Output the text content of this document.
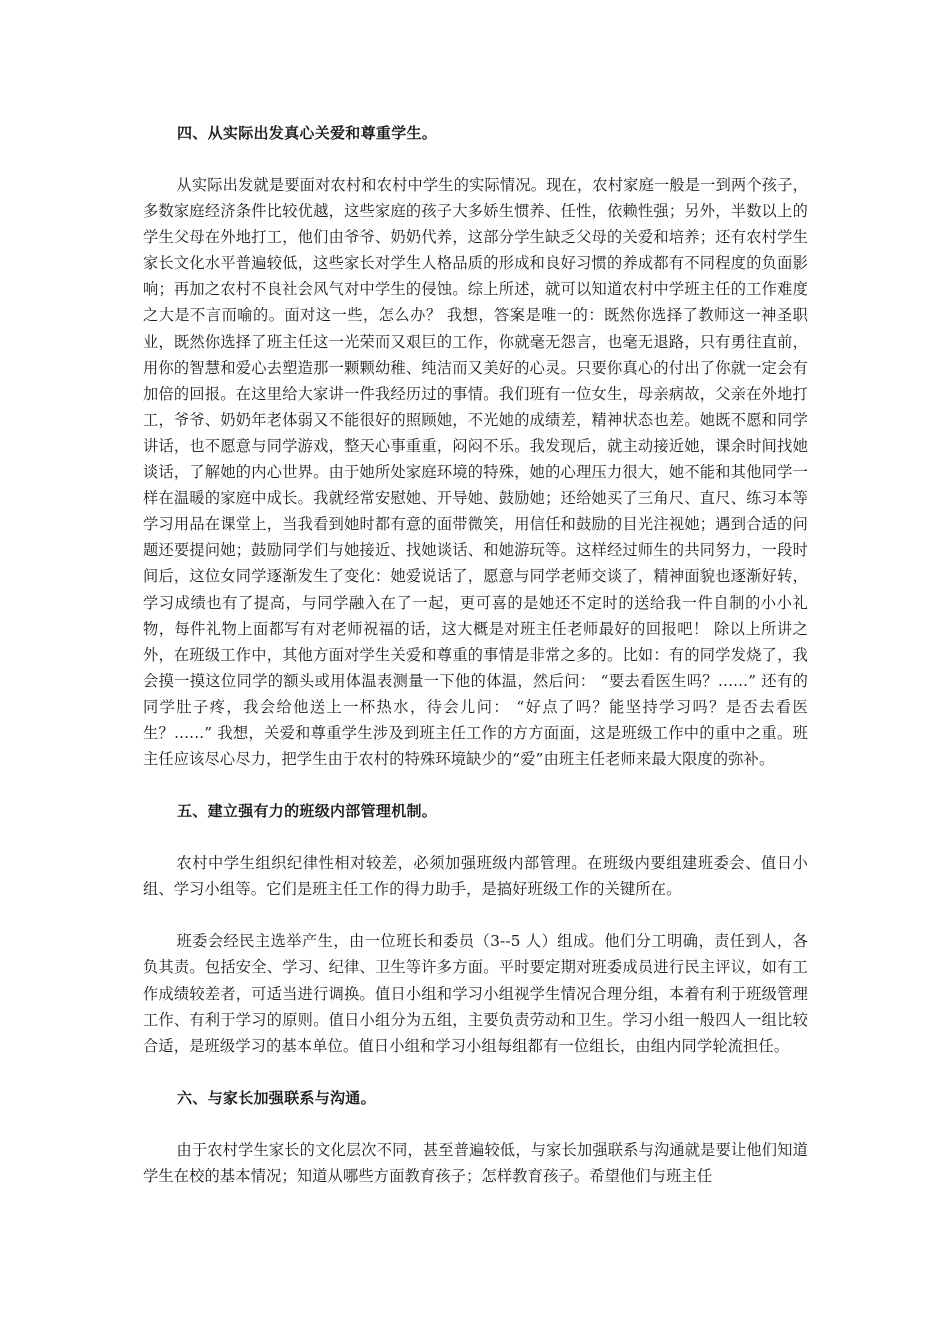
四、从实际出发真心关爱和尊重学生。

从实际出发就是要面对农村和农村中学生的实际情况。现在，农村家庭一般是一到两个孩子，多数家庭经济条件比较优越，这些家庭的孩子大多娇生惯养、任性，依赖性强；另外，半数以上的学生父母在外地打工，他们由爷爷、奶奶代养，这部分学生缺乏父母的关爱和培养；还有农村学生家长文化水平普遍较低，这些家长对学生人格品质的形成和良好习惯的养成都有不同程度的负面影响；再加之农村不良社会风气对中学生的侵蚀。综上所述，就可以知道农村中学班主任的工作难度之大是不言而喻的。面对这一些，怎么办？ 我想，答案是唯一的：既然你选择了教师这一神圣职业，既然你选择了班主任这一光荣而又艰巨的工作，你就毫无怨言，也毫无退路，只有勇往直前，用你的智慧和爱心去塑造那一颗颗幼稚、纯洁而又美好的心灵。只要你真心的付出了你就一定会有加倍的回报。在这里给大家讲一件我经历过的事情。我们班有一位女生，母亲病故，父亲在外地打工，爷爷、奶奶年老体弱又不能很好的照顾她，不光她的成绩差，精神状态也差。她既不愿和同学讲话，也不愿意与同学游戏，整天心事重重，闷闷不乐。我发现后，就主动接近她，课余时间找她谈话，了解她的内心世界。由于她所处家庭环境的特殊，她的心理压力很大，她不能和其他同学一样在温暖的家庭中成长。我就经常安慰她、开导她、鼓励她；还给她买了三角尺、直尺、练习本等学习用品在课堂上，当我看到她时都有意的面带微笑，用信任和鼓励的目光注视她；遇到合适的问题还要提问她；鼓励同学们与她接近、找她谈话、和她游玩等。这样经过师生的共同努力，一段时间后，这位女同学逐渐发生了变化：她爱说话了，愿意与同学老师交谈了，精神面貌也逐渐好转，学习成绩也有了提高，与同学融入在了一起，更可喜的是她还不定时的送给我一件自制的小小礼物，每件礼物上面都写有对老师祝福的话，这大概是对班主任老师最好的回报吧！ 除以上所讲之外，在班级工作中，其他方面对学生关爱和尊重的事情是非常之多的。比如：有的同学发烧了，我会摸一摸这位同学的额头或用体温表测量一下他的体温，然后问： “要去看医生吗？......” 还有的同学肚子疼，我会给他送上一杯热水，待会儿问： “好点了吗？能坚持学习吗？是否去看医生？......” 我想，关爱和尊重学生涉及到班主任工作的方方面面，这是班级工作中的重中之重。班主任应该尽心尽力，把学生由于农村的特殊环境缺少的“爱”由班主任老师来最大限度的弥补。

五、建立强有力的班级内部管理机制。

农村中学生组织纪律性相对较差，必须加强班级内部管理。在班级内要组建班委会、值日小组、学习小组等。它们是班主任工作的得力助手，是搞好班级工作的关键所在。

班委会经民主选举产生，由一位班长和委员（3--5 人）组成。他们分工明确，责任到人，各负其责。包括安全、学习、纪律、卫生等许多方面。平时要定期对班委成员进行民主评议，如有工作成绩较差者，可适当进行调换。值日小组和学习小组视学生情况合理分组，本着有利于班级管理工作、有利于学习的原则。值日小组分为五组，主要负责劳动和卫生。学习小组一般四人一组比较合适，是班级学习的基本单位。值日小组和学习小组每组都有一位组长，由组内同学轮流担任。

六、与家长加强联系与沟通。

由于农村学生家长的文化层次不同，甚至普遍较低，与家长加强联系与沟通就是要让他们知道学生在校的基本情况；知道从哪些方面教育孩子；怎样教育孩子。希望他们与班主任
